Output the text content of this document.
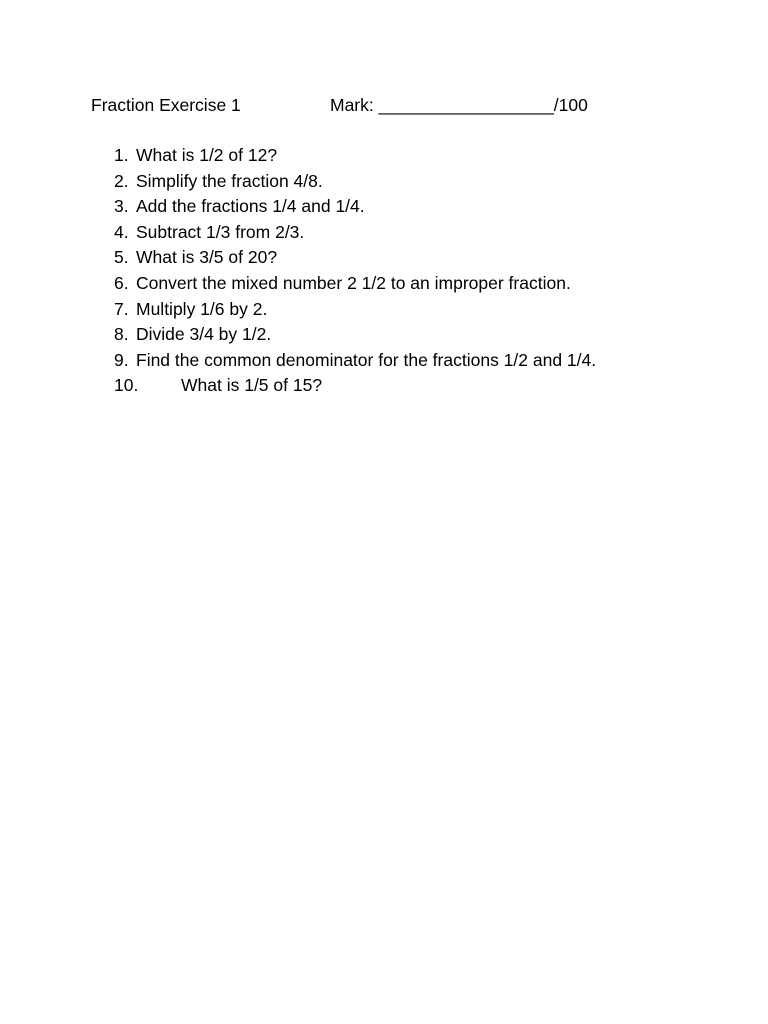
Fraction Exercise 1	Mark: __________________/100
1. What is 1/2 of 12?
2. Simplify the fraction 4/8.
3. Add the fractions 1/4 and 1/4.
4. Subtract 1/3 from 2/3.
5. What is 3/5 of 20?
6. Convert the mixed number 2 1/2 to an improper fraction.
7. Multiply 1/6 by 2.
8. Divide 3/4 by 1/2.
9. Find the common denominator for the fractions 1/2 and 1/4.
10. What is 1/5 of 15?
